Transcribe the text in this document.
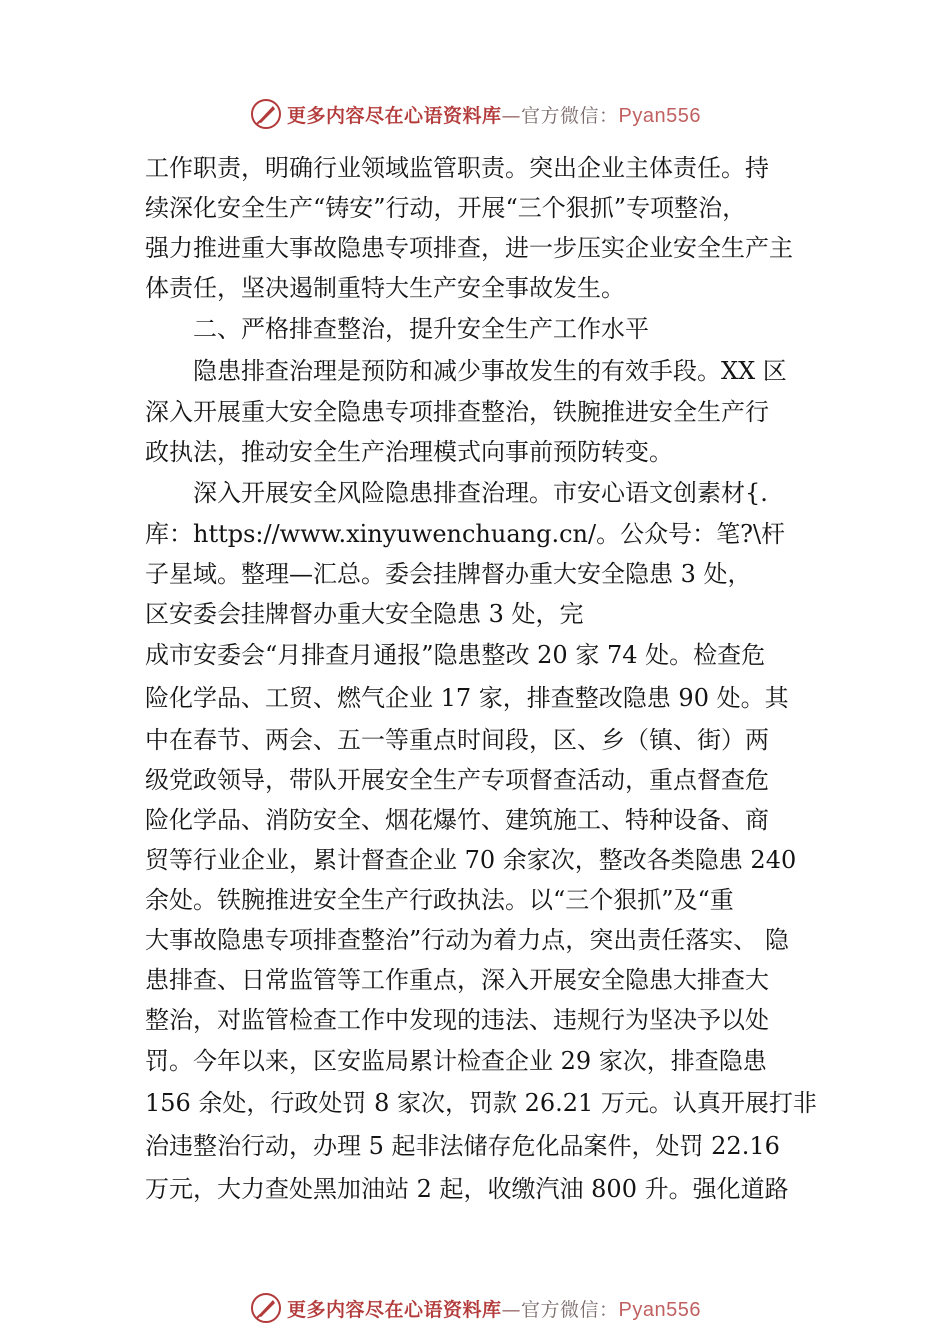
更多内容尽在心语资料库—官方微信：Pyan556
工作职责，明确行业领域监管职责。突出企业主体责任。持
续深化安全生产“铸安”行动，开展“三个狠抓”专项整治，
强力推进重大事故隐患专项排查，进一步压实企业安全生产主
体责任，坚决遏制重特大生产安全事故发生。
二、严格排查整治，提升安全生产工作水平
隐患排查治理是预防和减少事故发生的有效手段。XX 区
深入开展重大安全隐患专项排查整治，铁腕推进安全生产行
政执法，推动安全生产治理模式向事前预防转变。
深入开展安全风险隐患排查治理。市安心语文创素材{.
库：https://www.xinyuwenchuang.cn/。公众号：笔?\杆
子星域。整理—汇总。委会挂牌督办重大安全隐患 3 处，
区安委会挂牌督办重大安全隐患 3 处，完
成市安委会“月排查月通报”隐患整改 20 家 74 处。检查危
险化学品、工贸、燃气企业 17 家，排查整改隐患 90 处。其
中在春节、两会、五一等重点时间段，区、乡（镇、街）两
级党政领导，带队开展安全生产专项督查活动，重点督查危
险化学品、消防安全、烟花爆竹、建筑施工、特种设备、商
贸等行业企业，累计督查企业 70 余家次，整改各类隐患 240
余处。铁腕推进安全生产行政执法。以“三个狠抓”及“重
大事故隐患专项排查整治”行动为着力点，突出责任落实、 隐
患排查、日常监管等工作重点，深入开展安全隐患大排查大
整治，对监管检查工作中发现的违法、违规行为坚决予以处
罚。今年以来，区安监局累计检查企业 29 家次，排查隐患
156 余处，行政处罚 8 家次，罚款 26.21 万元。认真开展打非
治违整治行动，办理 5 起非法储存危化品案件，处罚 22.16
万元，大力查处黑加油站 2 起，收缴汽油 800 升。强化道路
更多内容尽在心语资料库—官方微信：Pyan556
